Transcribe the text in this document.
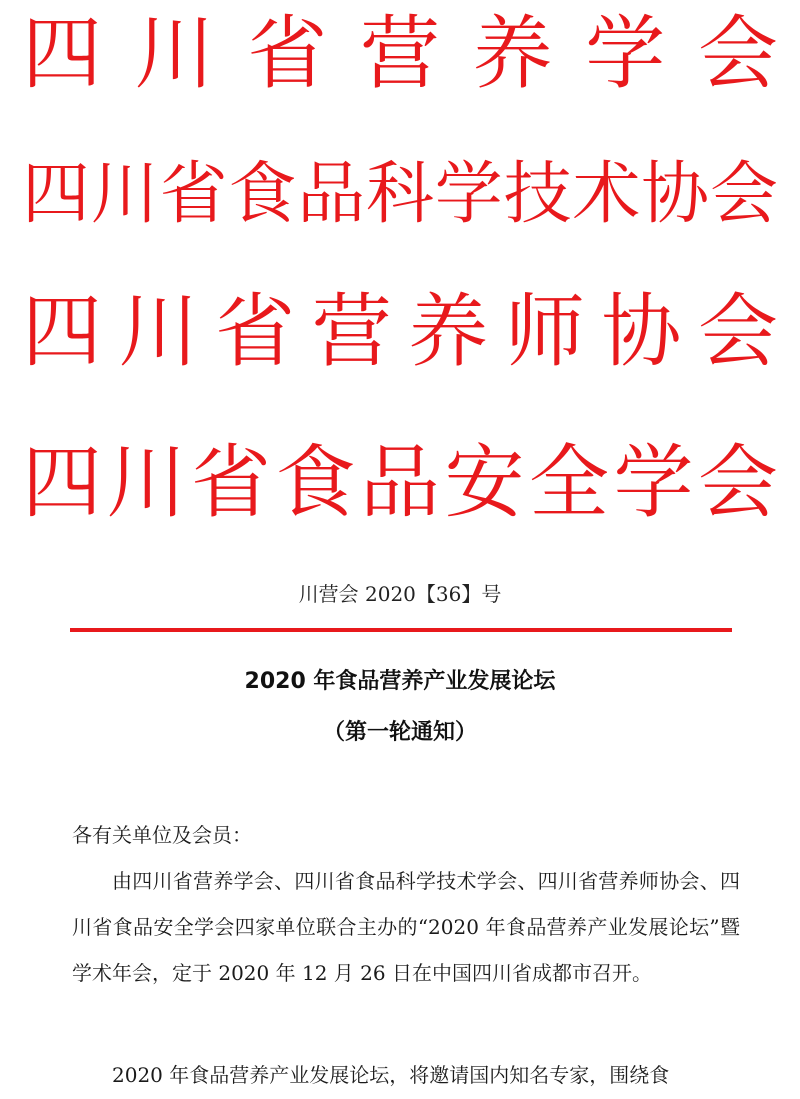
四 川 省 营 养 学 会
四 川 省 食 品 科 学 技 术 协 会
四 川 省 营 养 师 协 会
四 川 省 食 品 安 全 学 会
川营会 2020【36】号
2020 年食品营养产业发展论坛
（第一轮通知）
各有关单位及会员：
由四川省营养学会、四川省食品科学技术学会、四川省营养师协会、四川省食品安全学会四家单位联合主办的“2020 年食品营养产业发展论坛”暨学术年会，定于 2020 年 12 月 26 日在中国四川省成都市召开。
2020 年食品营养产业发展论坛，将邀请国内知名专家，围绕食
